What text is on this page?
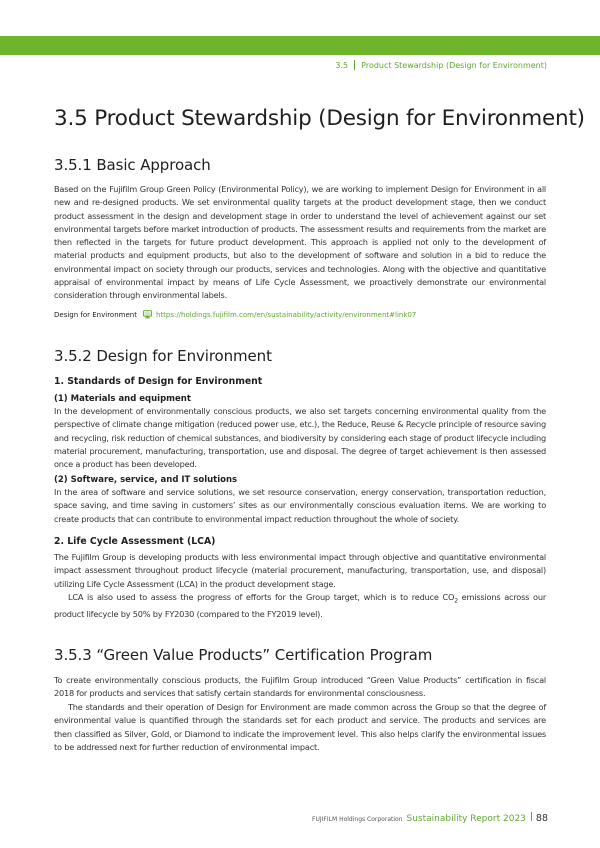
3.5 Product Stewardship (Design for Environment)
3.5 Product Stewardship (Design for Environment)
3.5.1 Basic Approach

Based on the Fujifilm Group Green Policy (Environmental Policy), we are working to implement Design for Environment in all new and re-designed products. We set environmental quality targets at the product development stage, then we conduct product assessment in the design and development stage in order to understand the level of achievement against our set environmental targets before market introduction of products. The assessment results and requirements from the market are then reflected in the targets for future product development. This approach is applied not only to the development of material products and equipment products, but also to the development of software and solution in a bid to reduce the environmental impact on society through our products, services and technologies. Along with the objective and quantitative appraisal of environmental impact by means of Life Cycle Assessment, we proactively demonstrate our environmental consideration through environmental labels.

Design for Environment	https://holdings.fujifilm.com/en/sustainability/activity/environment#link07
3.5.2 Design for Environment
1. Standards of Design for Environment
(1) Materials and equipment

In the development of environmentally conscious products, we also set targets concerning environmental quality from the perspective of climate change mitigation (reduced power use, etc.), the Reduce, Reuse & Recycle principle of resource saving and recycling, risk reduction of chemical substances, and biodiversity by considering each stage of product lifecycle including material procurement, manufacturing, transportation, use and disposal. The degree of target achievement is then assessed once a product has been developed.

(2) Software, service, and IT solutions

In the area of software and service solutions, we set resource conservation, energy conservation, transportation reduction, space saving, and time saving in customers’ sites as our environmentally conscious evaluation items. We are working to create products that can contribute to environmental impact reduction throughout the whole of society.

2. Life Cycle Assessment (LCA)

The Fujifilm Group is developing products with less environmental impact through objective and quantitative environmental impact assessment throughout product lifecycle (material procurement, manufacturing, transportation, use, and disposal) utilizing Life Cycle Assessment (LCA) in the product development stage.

LCA is also used to assess the progress of efforts for the Group target, which is to reduce $CO_2$ emissions across our product lifecycle by 50% by FY2030 (compared to the FY2019 level).

3.5.3 “Green Value Products” Certification Program

To create environmentally conscious products, the Fujifilm Group introduced “Green Value Products” certification in fiscal 2018 for products and services that satisfy certain standards for environmental consciousness.

The standards and their operation of Design for Environment are made common across the Group so that the degree of environmental value is quantified through the standards set for each product and service. The products and services are then classified as Silver, Gold, or Diamond to indicate the improvement level. This also helps clarify the environmental issues to be addressed next for further reduction of environmental impact.

FUJIFILM Holdings Corporation Sustainability Report 2023 88
